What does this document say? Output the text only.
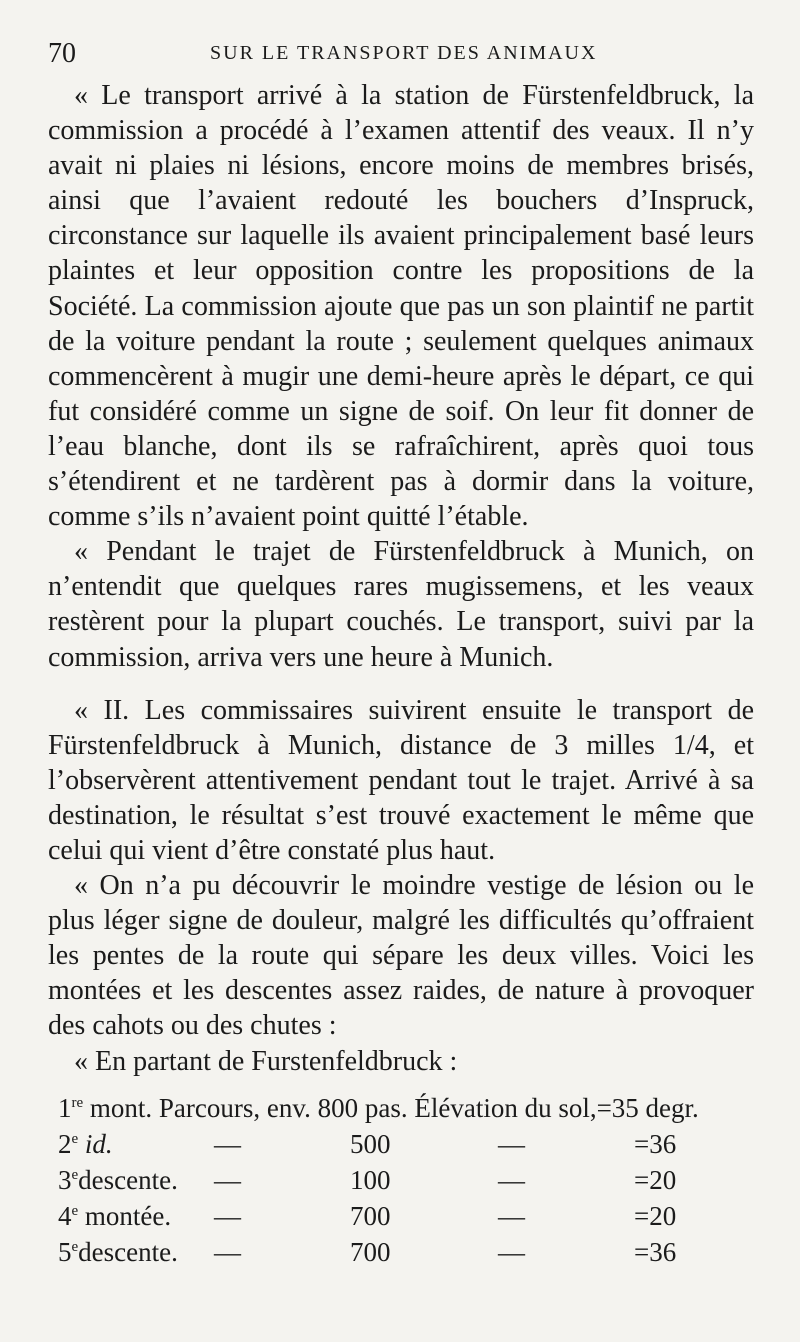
70	SUR LE TRANSPORT DES ANIMAUX

« Le transport arrivé à la station de Fürstenfeldbruck, la commission a procédé à l’examen attentif des veaux. Il n’y avait ni plaies ni lésions, encore moins de membres brisés, ainsi que l’avaient redouté les bouchers d’Inspruck, circonstance sur laquelle ils avaient principalement basé leurs plaintes et leur opposition contre les propositions de la Société. La commission ajoute que pas un son plaintif ne partit de la voiture pendant la route ; seulement quelques animaux commencèrent à mugir une demi-heure après le départ, ce qui fut considéré comme un signe de soif. On leur fit donner de l’eau blanche, dont ils se rafraîchirent, après quoi tous s’étendirent et ne tardèrent pas à dormir dans la voiture, comme s’ils n’avaient point quitté l’étable.

« Pendant le trajet de Fürstenfeldbruck à Munich, on n’entendit que quelques rares mugissemens, et les veaux restèrent pour la plupart couchés. Le transport, suivi par la commission, arriva vers une heure à Munich.

« II. Les commissaires suivirent ensuite le transport de Fürstenfeldbruck à Munich, distance de 3 milles 1/4, et l’observèrent attentivement pendant tout le trajet. Arrivé à sa destination, le résultat s’est trouvé exactement le même que celui qui vient d’être constaté plus haut.

« On n’a pu découvrir le moindre vestige de lésion ou le plus léger signe de douleur, malgré les difficultés qu’offraient les pentes de la route qui sépare les deux villes. Voici les montées et les descentes assez raides, de nature à provoquer des cahots ou des chutes :

« En partant de Furstenfeldbruck :

1re mont. Parcours, env. 800 pas. Élévation du sol,=35 degr.
2e id.	—	500	—	=36
3edescente. —	100	—	=20
4e montée. —	700	—	=20
5edescente. —	700	—	=36
